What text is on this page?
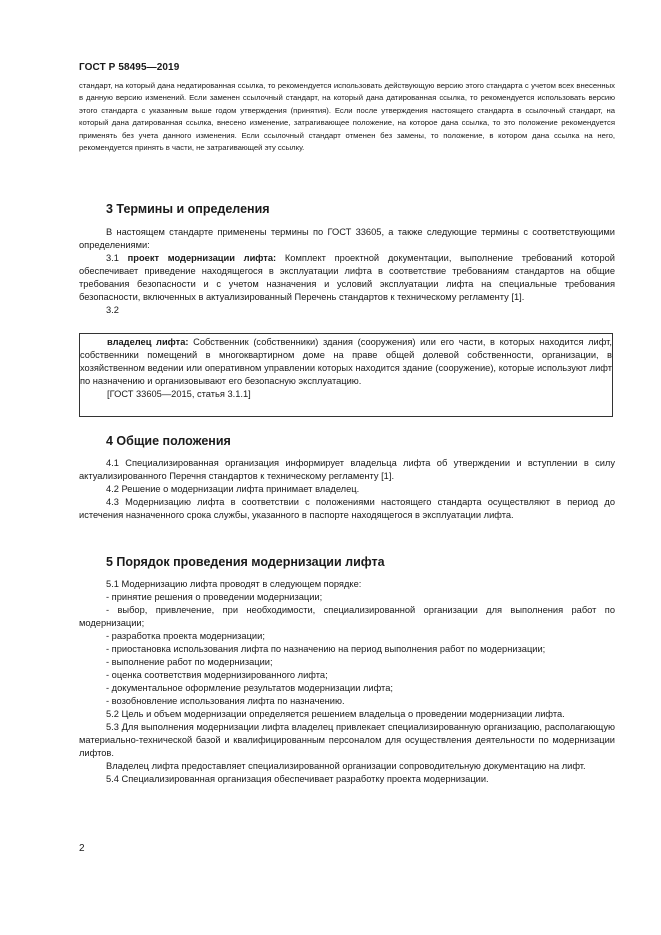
ГОСТ Р 58495—2019

стандарт, на который дана недатированная ссылка, то рекомендуется использовать действующую версию этого стандарта с учетом всех внесенных в данную версию изменений. Если заменен ссылочный стандарт, на который дана датированная ссылка, то рекомендуется использовать версию этого стандарта с указанным выше годом утверждения (принятия). Если после утверждения настоящего стандарта в ссылочный стандарт, на который дана датированная ссылка, внесено изменение, затрагивающее положение, на которое дана ссылка, то это положение рекомендуется применять без учета данного изменения. Если ссылочный стандарт отменен без замены, то положение, в котором дана ссылка на него, рекомендуется принять в части, не затрагивающей эту ссылку.

3 Термины и определения

В настоящем стандарте применены термины по ГОСТ 33605, а также следующие термины с соответствующими определениями:

3.1 проект модернизации лифта: Комплект проектной документации, выполнение требований которой обеспечивает приведение находящегося в эксплуатации лифта в соответствие требованиям стандартов на общие требования безопасности и с учетом назначения и условий эксплуатации лифта на специальные требования безопасности, включенных в актуализированный Перечень стандартов к техническому регламенту [1].

3.2

владелец лифта: Собственник (собственники) здания (сооружения) или его части, в которых находится лифт, собственники помещений в многоквартирном доме на праве общей долевой собственности, организации, в хозяйственном ведении или оперативном управлении которых находится здание (сооружение), которые используют лифт по назначению и организовывают его безопасную эксплуатацию.

[ГОСТ 33605—2015, статья 3.1.1]

4 Общие положения

4.1 Специализированная организация информирует владельца лифта об утверждении и вступлении в силу актуализированного Перечня стандартов к техническому регламенту [1].

4.2 Решение о модернизации лифта принимает владелец.

4.3 Модернизацию лифта в соответствии с положениями настоящего стандарта осуществляют в период до истечения назначенного срока службы, указанного в паспорте находящегося в эксплуатации лифта.

5 Порядок проведения модернизации лифта

5.1 Модернизацию лифта проводят в следующем порядке:

- принятие решения о проведении модернизации;

- выбор, привлечение, при необходимости, специализированной организации для выполнения работ по модернизации;

- разработка проекта модернизации;

- приостановка использования лифта по назначению на период выполнения работ по модернизации;

- выполнение работ по модернизации;

- оценка соответствия модернизированного лифта;

- документальное оформление результатов модернизации лифта;

- возобновление использования лифта по назначению.

5.2 Цель и объем модернизации определяется решением владельца о проведении модернизации лифта.

5.3 Для выполнения модернизации лифта владелец привлекает специализированную организацию, располагающую материально-технической базой и квалифицированным персоналом для осуществления деятельности по модернизации лифтов.

Владелец лифта предоставляет специализированной организации сопроводительную документацию на лифт.

5.4 Специализированная организация обеспечивает разработку проекта модернизации.

2
